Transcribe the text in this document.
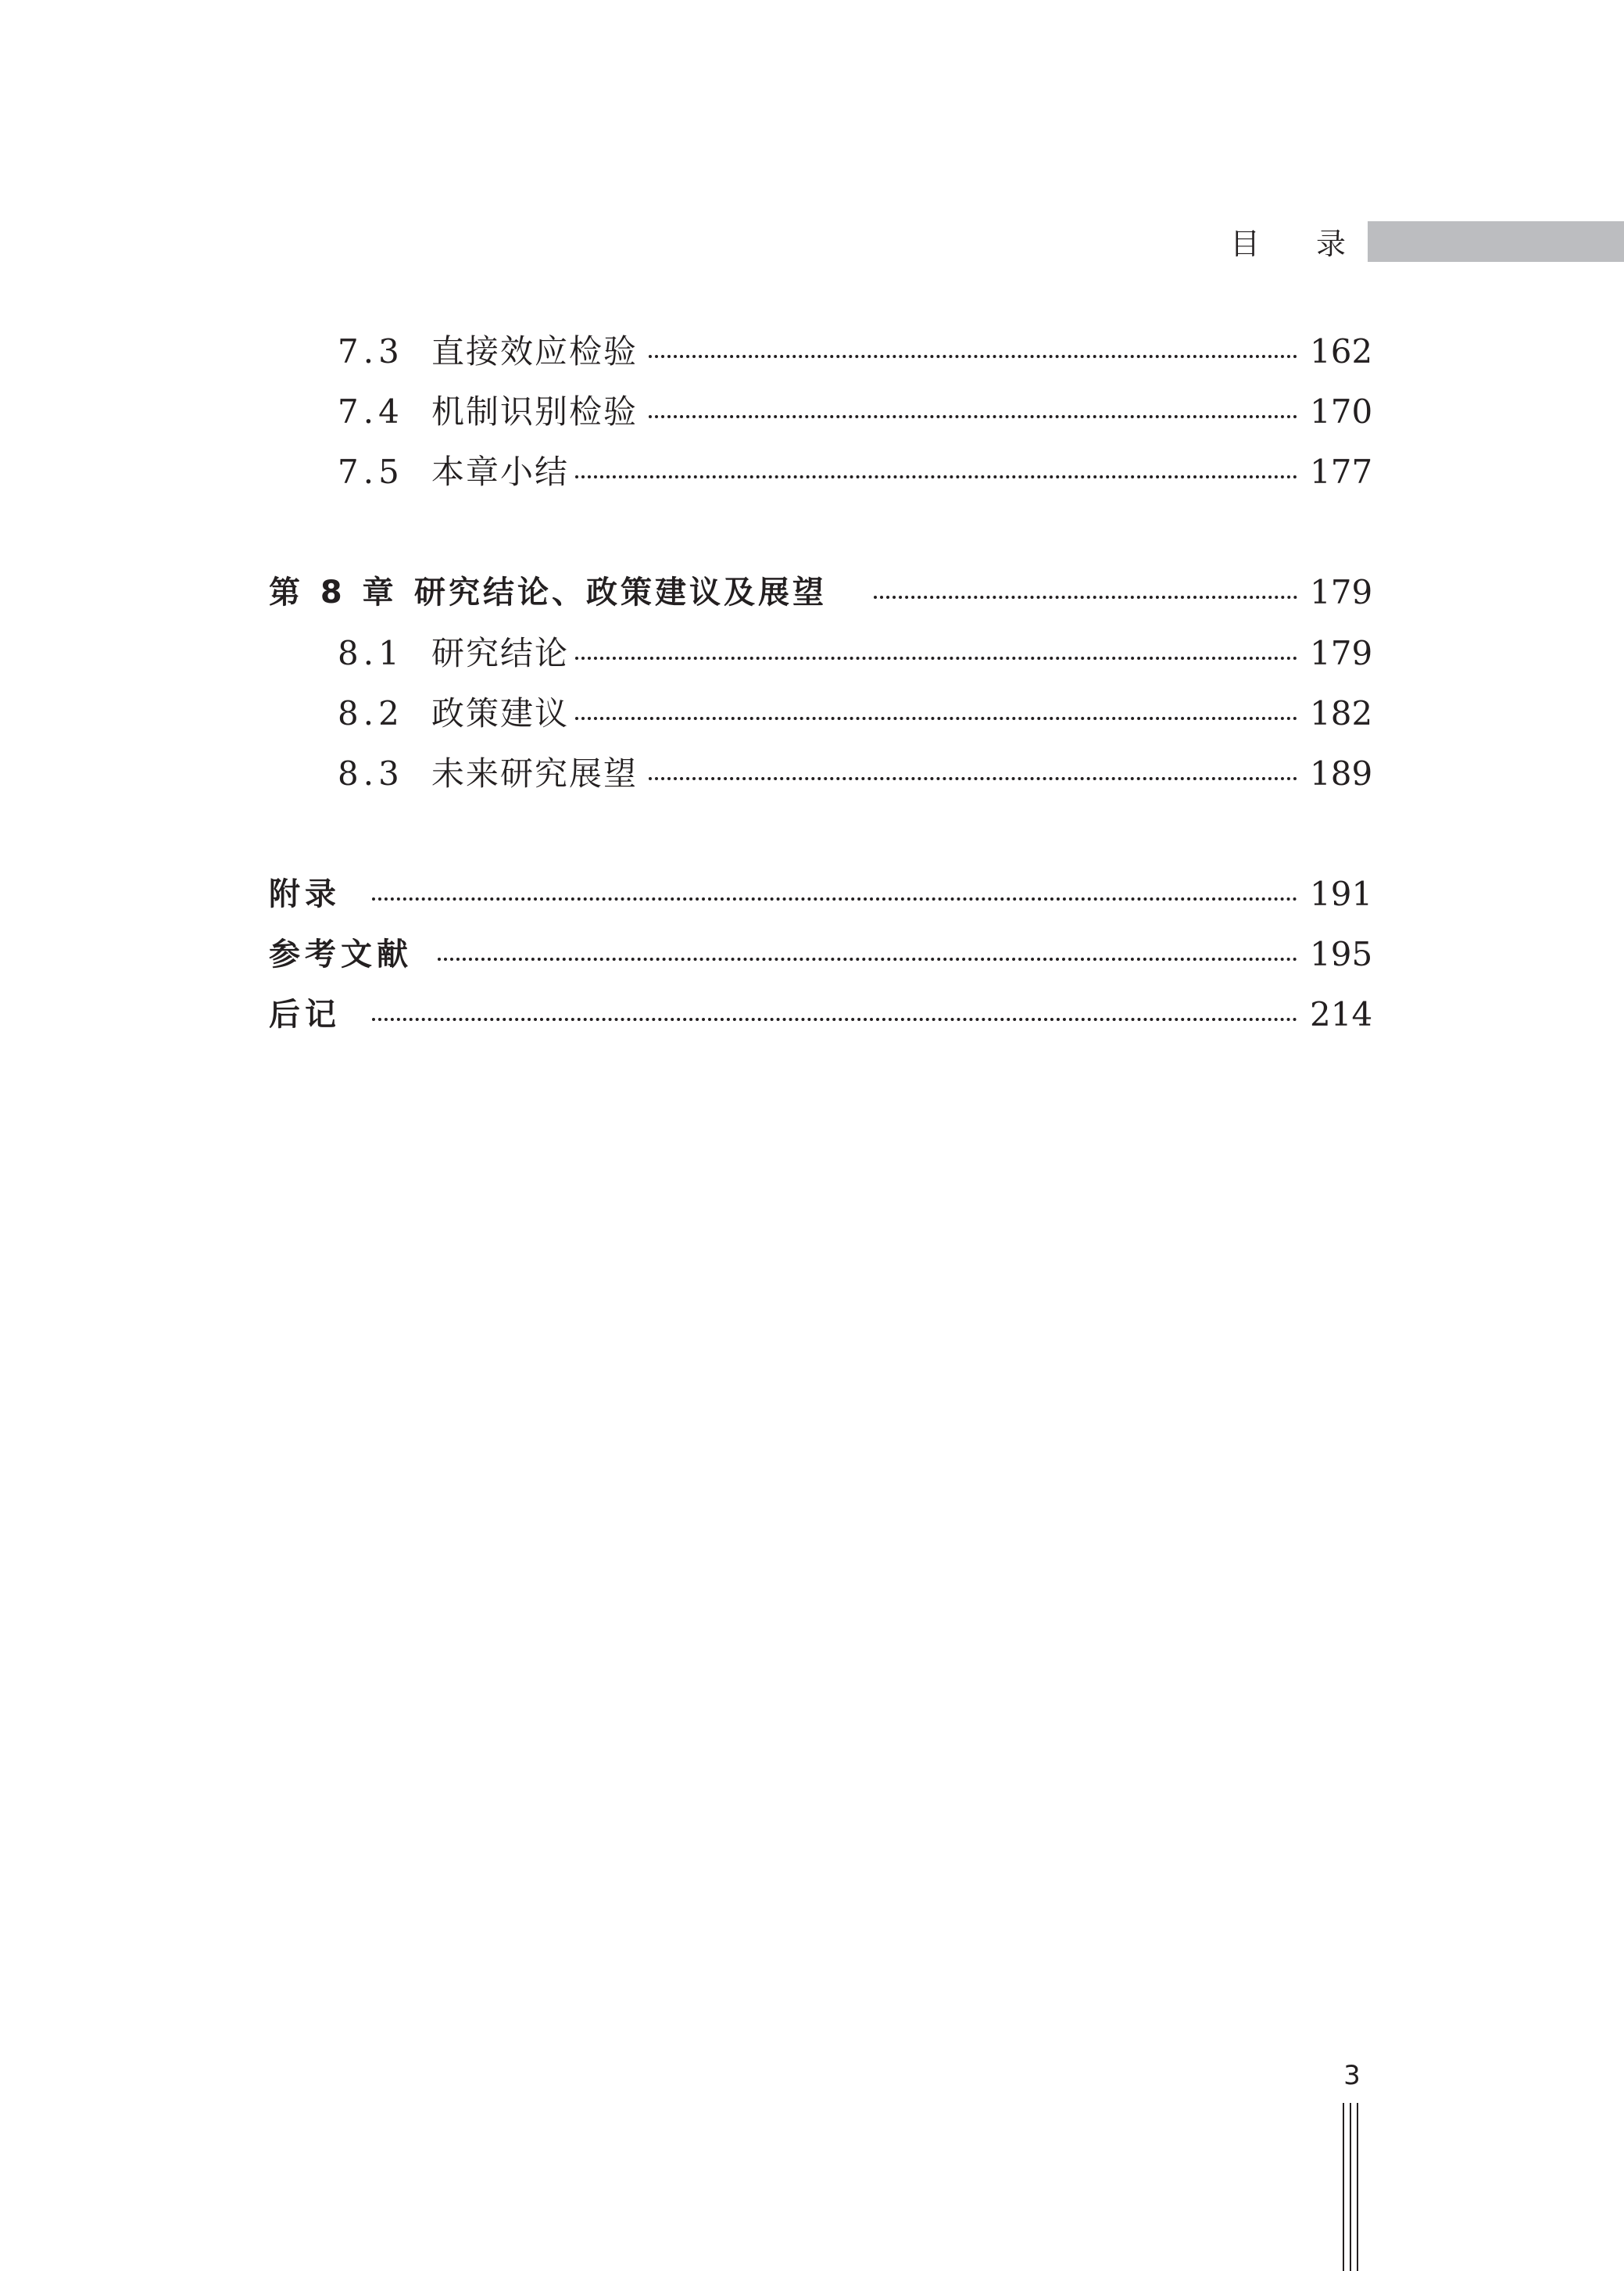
目 录
7.3 直接效应检验	162
7.4 机制识别检验	170
7.5 本章小结	177
第 8 章 研究结论、政策建议及展望	179
8.1 研究结论	179
8.2 政策建议	182
8.3 未来研究展望	189
附录	191
参考文献	195
后记	214
3
